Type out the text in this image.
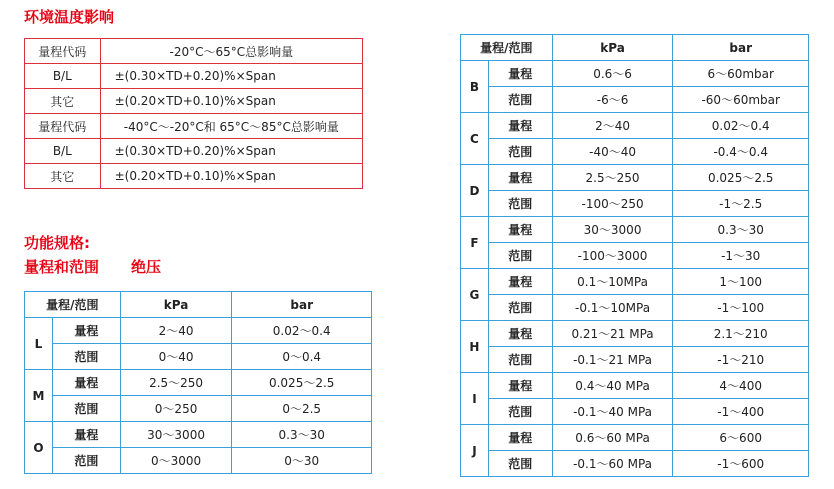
环境温度影响
量程代码	-20°C～65°C总影响量
B/L	±(0.30×TD+0.20)%×Span
其它	±(0.20×TD+0.10)%×Span
量程代码	-40°C～-20°C和 65°C～85°C总影响量
B/L	±(0.30×TD+0.20)%×Span
其它	±(0.20×TD+0.10)%×Span
功能规格:
量程和范围 绝压
量程/范围		kPa	bar
L	量程	2～40	0.02～0.4
	范围	0～40	0～0.4
M	量程	2.5～250	0.025～2.5
	范围	0～250	0～2.5
O	量程	30～3000	0.3～30
	范围	0～3000	0～30
量程/范围		kPa	bar
B	量程	0.6～6	6～60mbar
	范围	-6～6	-60～60mbar
C	量程	2～40	0.02～0.4
	范围	-40～40	-0.4～0.4
D	量程	2.5～250	0.025～2.5
	范围	-100～250	-1～2.5
F	量程	30～3000	0.3～30
	范围	-100～3000	-1～30
G	量程	0.1～10MPa	1～100
	范围	-0.1～10MPa	-1～100
H	量程	0.21～21 MPa	2.1～210
	范围	-0.1～21 MPa	-1～210
I	量程	0.4～40 MPa	4～400
	范围	-0.1～40 MPa	-1～400
J	量程	0.6～60 MPa	6～600
	范围	-0.1～60 MPa	-1～600
